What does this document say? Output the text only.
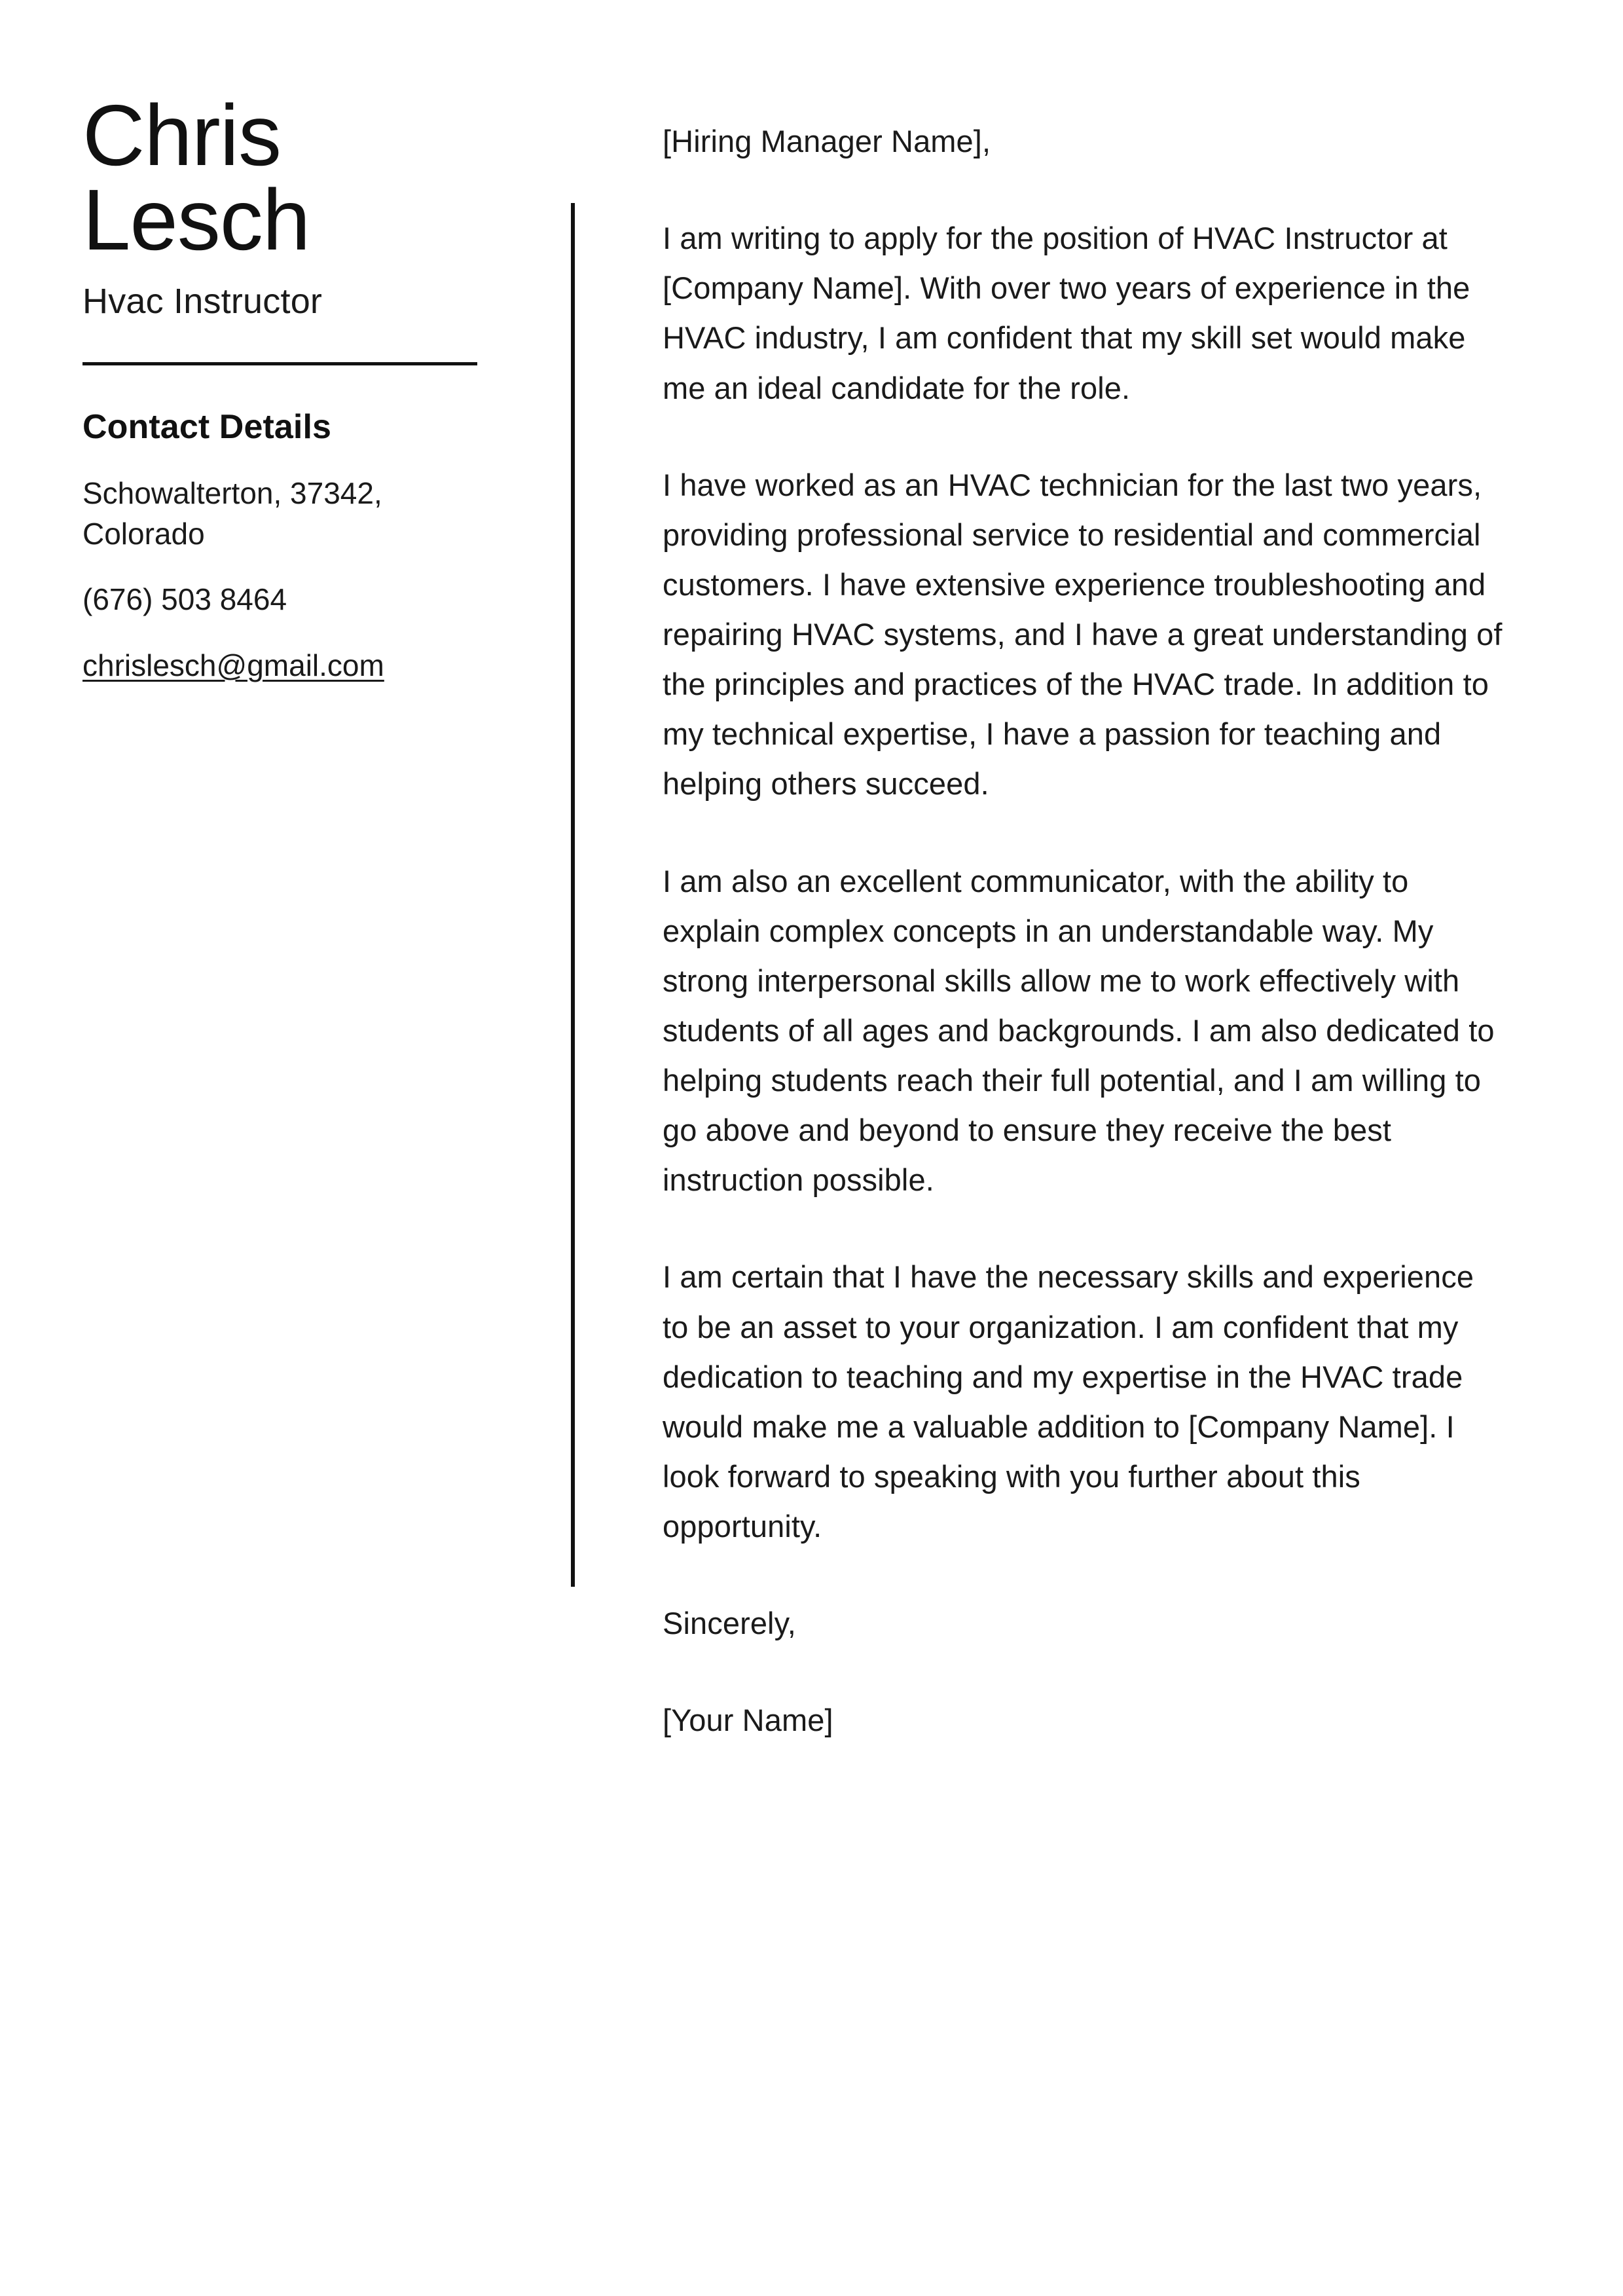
Chris
Lesch
Hvac Instructor
Contact Details
Schowalterton, 37342, Colorado
(676) 503 8464
chrislesch@gmail.com

[Hiring Manager Name],

I am writing to apply for the position of HVAC Instructor at [Company Name]. With over two years of experience in the HVAC industry, I am confident that my skill set would make me an ideal candidate for the role.

I have worked as an HVAC technician for the last two years, providing professional service to residential and commercial customers. I have extensive experience troubleshooting and repairing HVAC systems, and I have a great understanding of the principles and practices of the HVAC trade. In addition to my technical expertise, I have a passion for teaching and helping others succeed.

I am also an excellent communicator, with the ability to explain complex concepts in an understandable way. My strong interpersonal skills allow me to work effectively with students of all ages and backgrounds. I am also dedicated to helping students reach their full potential, and I am willing to go above and beyond to ensure they receive the best instruction possible.

I am certain that I have the necessary skills and experience to be an asset to your organization. I am confident that my dedication to teaching and my expertise in the HVAC trade would make me a valuable addition to [Company Name]. I look forward to speaking with you further about this opportunity.

Sincerely,

[Your Name]
